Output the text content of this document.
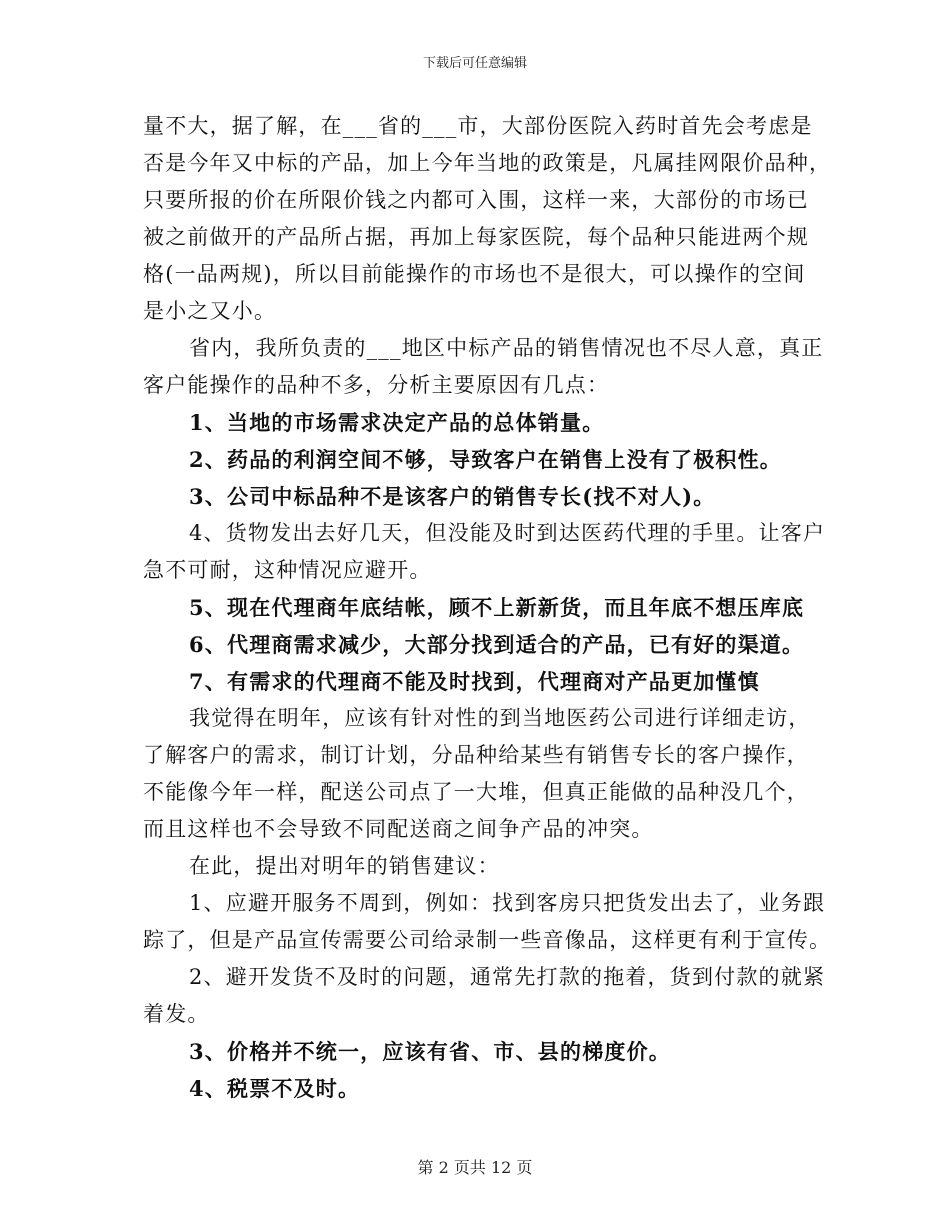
下载后可任意编辑
量不大，据了解，在___省的___市，大部份医院入药时首先会考虑是
否是今年又中标的产品，加上今年当地的政策是，凡属挂网限价品种，
只要所报的价在所限价钱之内都可入围，这样一来，大部份的市场已
被之前做开的产品所占据，再加上每家医院，每个品种只能进两个规
格(一品两规)，所以目前能操作的市场也不是很大，可以操作的空间
是小之又小。
省内，我所负责的___地区中标产品的销售情况也不尽人意，真正
客户能操作的品种不多，分析主要原因有几点：
1、当地的市场需求决定产品的总体销量。
2、药品的利润空间不够，导致客户在销售上没有了极积性。
3、公司中标品种不是该客户的销售专长(找不对人)。
4、货物发出去好几天，但没能及时到达医药代理的手里。让客户
急不可耐，这种情况应避开。
5、现在代理商年底结帐，顾不上新新货，而且年底不想压库底
6、代理商需求减少，大部分找到适合的产品，已有好的渠道。
7、有需求的代理商不能及时找到，代理商对产品更加慬慎
我觉得在明年，应该有针对性的到当地医药公司进行详细走访，
了解客户的需求，制订计划，分品种给某些有销售专长的客户操作，
不能像今年一样，配送公司点了一大堆，但真正能做的品种没几个，
而且这样也不会导致不同配送商之间争产品的冲突。
在此，提出对明年的销售建议：
1、应避开服务不周到，例如：找到客房只把货发出去了，业务跟
踪了，但是产品宣传需要公司给录制一些音像品，这样更有利于宣传。
2、避开发货不及时的问题，通常先打款的拖着，货到付款的就紧
着发。
3、价格并不统一，应该有省、市、县的梯度价。
4、税票不及时。
第 2 页共 12 页
